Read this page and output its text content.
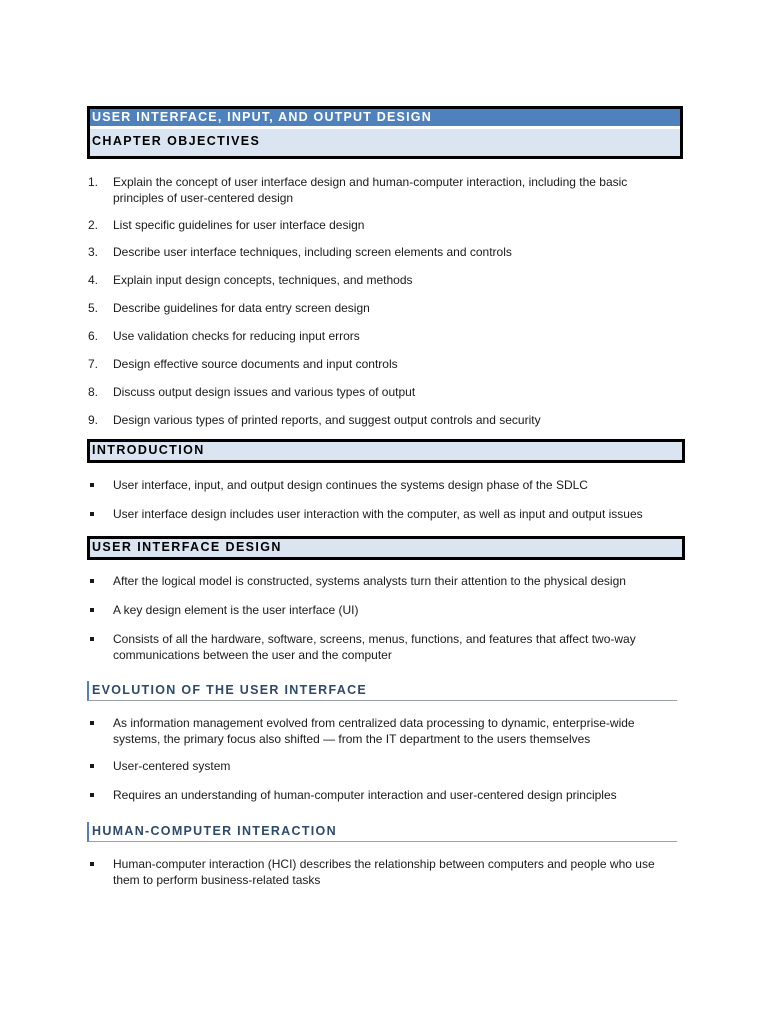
USER INTERFACE, INPUT, AND OUTPUT DESIGN
CHAPTER OBJECTIVES
1.	Explain the concept of user interface design and human-computer interaction, including the basic principles of user-centered design
2.	List specific guidelines for user interface design
3.	Describe user interface techniques, including screen elements and controls
4.	Explain input design concepts, techniques, and methods
5.	Describe guidelines for data entry screen design
6.	Use validation checks for reducing input errors
7.	Design effective source documents and input controls
8.	Discuss output design issues and various types of output
9.	Design various types of printed reports, and suggest output controls and security
INTRODUCTION
User interface, input, and output design continues the systems design phase of the SDLC
User interface design includes user interaction with the computer, as well as input and output issues
USER INTERFACE DESIGN
After the logical model is constructed, systems analysts turn their attention to the physical design
A key design element is the user interface (UI)
Consists of all the hardware, software, screens, menus, functions, and features that affect two-way communications between the user and the computer
EVOLUTION OF THE USER INTERFACE
As information management evolved from centralized data processing to dynamic, enterprise-wide systems, the primary focus also shifted — from the IT department to the users themselves
User-centered system
Requires an understanding of human-computer interaction and user-centered design principles
HUMAN-COMPUTER INTERACTION
Human-computer interaction (HCI) describes the relationship between computers and people who use them to perform business-related tasks
